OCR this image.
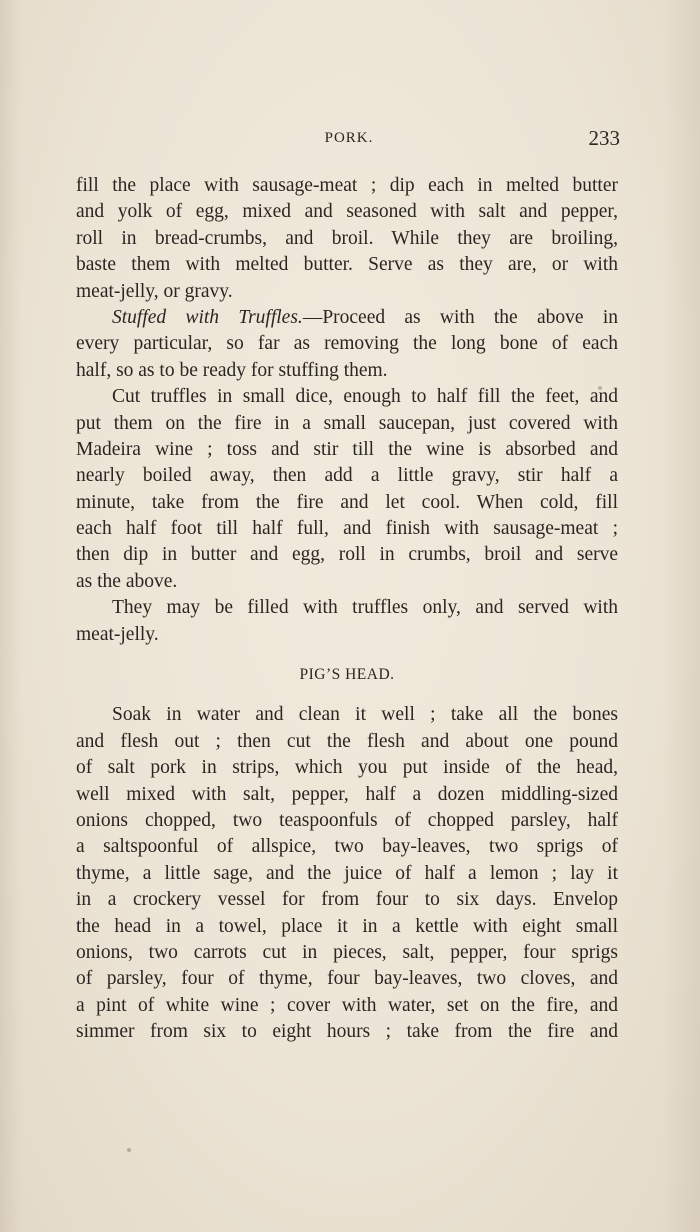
PORK.	233
fill the place with sausage-meat ; dip each in melted butter
and yolk of egg, mixed and seasoned with salt and pepper,
roll in bread-crumbs, and broil. While they are broiling,
baste them with melted butter. Serve as they are, or with
meat-jelly, or gravy.
Stuffed with Truffles.—Proceed as with the above in
every particular, so far as removing the long bone of each
half, so as to be ready for stuffing them.
Cut truffles in small dice, enough to half fill the feet, and
put them on the fire in a small saucepan, just covered with
Madeira wine ; toss and stir till the wine is absorbed and
nearly boiled away, then add a little gravy, stir half a
minute, take from the fire and let cool. When cold, fill
each half foot till half full, and finish with sausage-meat ;
then dip in butter and egg, roll in crumbs, broil and serve
as the above.
They may be filled with truffles only, and served with
meat-jelly.
PIG’S HEAD.
Soak in water and clean it well ; take all the bones
and flesh out ; then cut the flesh and about one pound
of salt pork in strips, which you put inside of the head,
well mixed with salt, pepper, half a dozen middling-sized
onions chopped, two teaspoonfuls of chopped parsley, half
a saltspoonful of allspice, two bay-leaves, two sprigs of
thyme, a little sage, and the juice of half a lemon ; lay it
in a crockery vessel for from four to six days. Envelop
the head in a towel, place it in a kettle with eight small
onions, two carrots cut in pieces, salt, pepper, four sprigs
of parsley, four of thyme, four bay-leaves, two cloves, and
a pint of white wine ; cover with water, set on the fire, and
simmer from six to eight hours ; take from the fire and
